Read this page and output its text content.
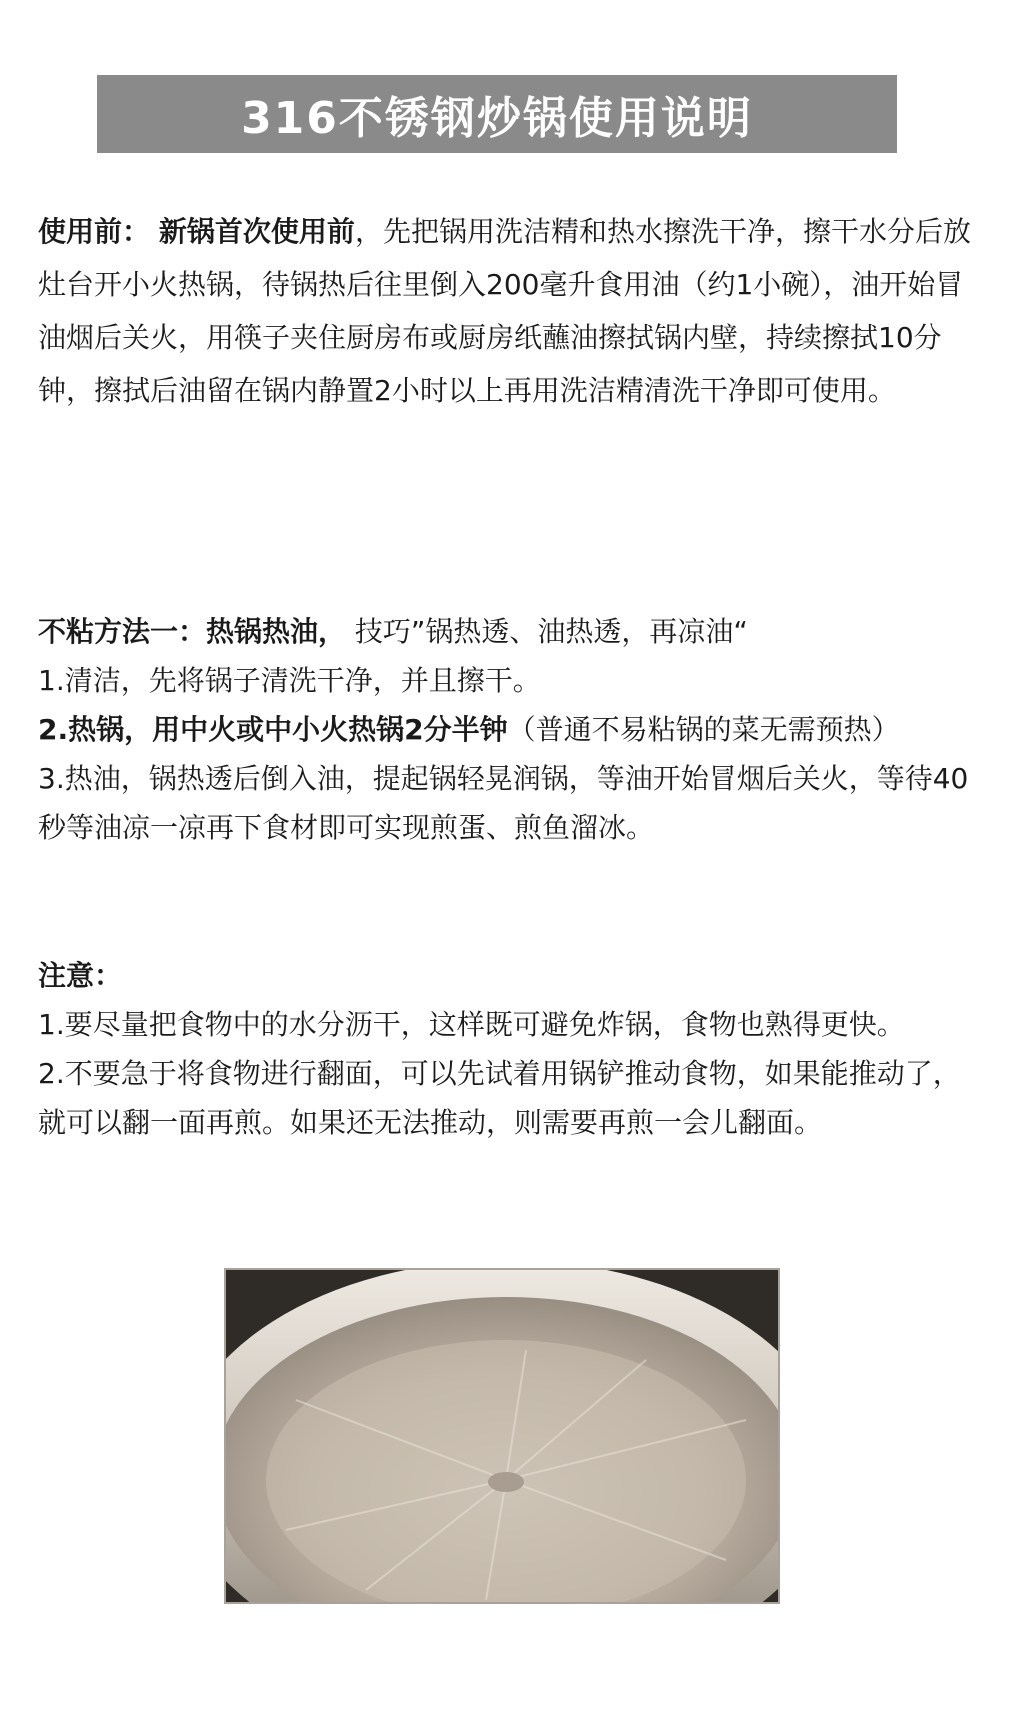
316不锈钢炒锅使用说明

使用前： 新锅首次使用前，先把锅用洗洁精和热水擦洗干净，擦干水分后放灶台开小火热锅，待锅热后往里倒入200毫升食用油（约1小碗），油开始冒油烟后关火，用筷子夹住厨房布或厨房纸蘸油擦拭锅内壁，持续擦拭10分钟，擦拭后油留在锅内静置2小时以上再用洗洁精清洗干净即可使用。

不粘方法一：热锅热油， 技巧”锅热透、油热透，再凉油“

1.清洁，先将锅子清洗干净，并且擦干。

2.热锅，用中火或中小火热锅2分半钟（普通不易粘锅的菜无需预热）

3.热油，锅热透后倒入油，提起锅轻晃润锅，等油开始冒烟后关火，等待40秒等油凉一凉再下食材即可实现煎蛋、煎鱼溜冰。

注意：

1.要尽量把食物中的水分沥干，这样既可避免炸锅，食物也熟得更快。

2.不要急于将食物进行翻面，可以先试着用锅铲推动食物，如果能推动了，就可以翻一面再煎。如果还无法推动，则需要再煎一会儿翻面。
